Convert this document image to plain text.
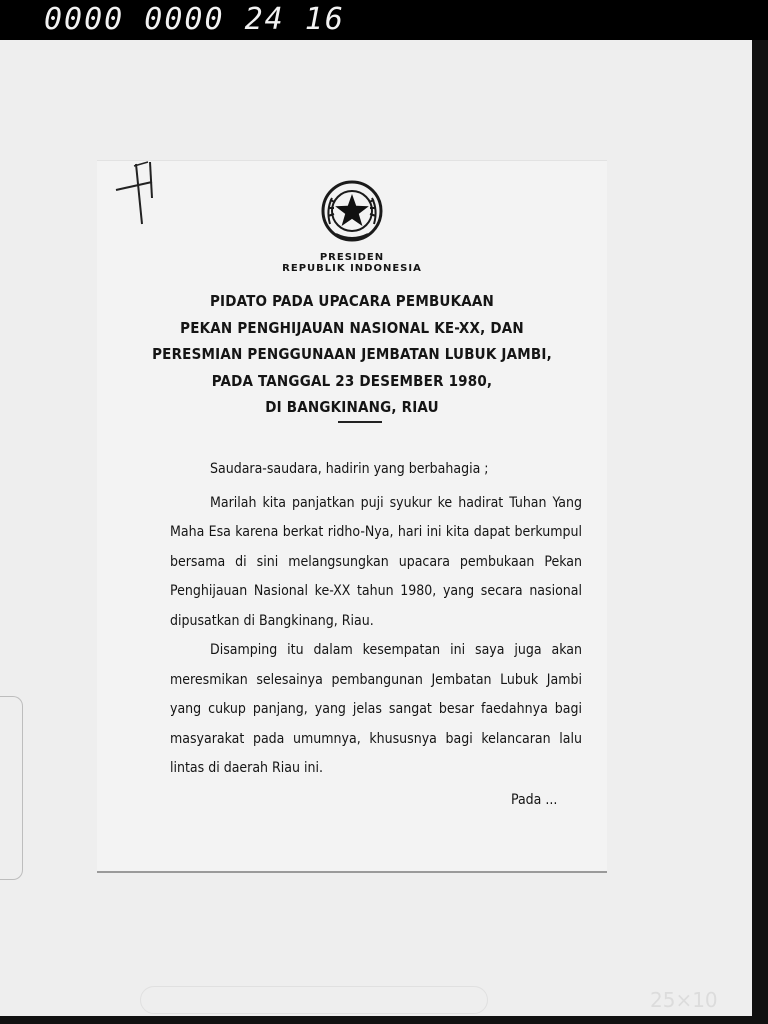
0000 0000 24 16
PRESIDEN
REPUBLIK INDONESIA
PIDATO PADA UPACARA PEMBUKAAN
PEKAN PENGHIJAUAN NASIONAL KE-XX, DAN
PERESMIAN PENGGUNAAN JEMBATAN LUBUK JAMBI,
PADA TANGGAL 23 DESEMBER 1980,
DI BANGKINANG, RIAU

Saudara-saudara, hadirin yang berbahagia ;

Marilah kita panjatkan puji syukur ke hadirat Tuhan Yang Maha Esa karena berkat ridho-Nya, hari ini kita dapat berkumpul bersama di sini melangsungkan upacara pembukaan Pekan Penghijauan Nasional ke-XX tahun 1980, yang secara nasional dipusatkan di Bangkinang, Riau.

Disamping itu dalam kesempatan ini saya juga akan meresmikan selesainya pembangunan Jembatan Lubuk Jambi yang cukup panjang, yang jelas sangat besar faedahnya bagi masyarakat pada umumnya, khususnya bagi kelancaran lalu lintas di daerah Riau ini.

Pada ...
25×10
